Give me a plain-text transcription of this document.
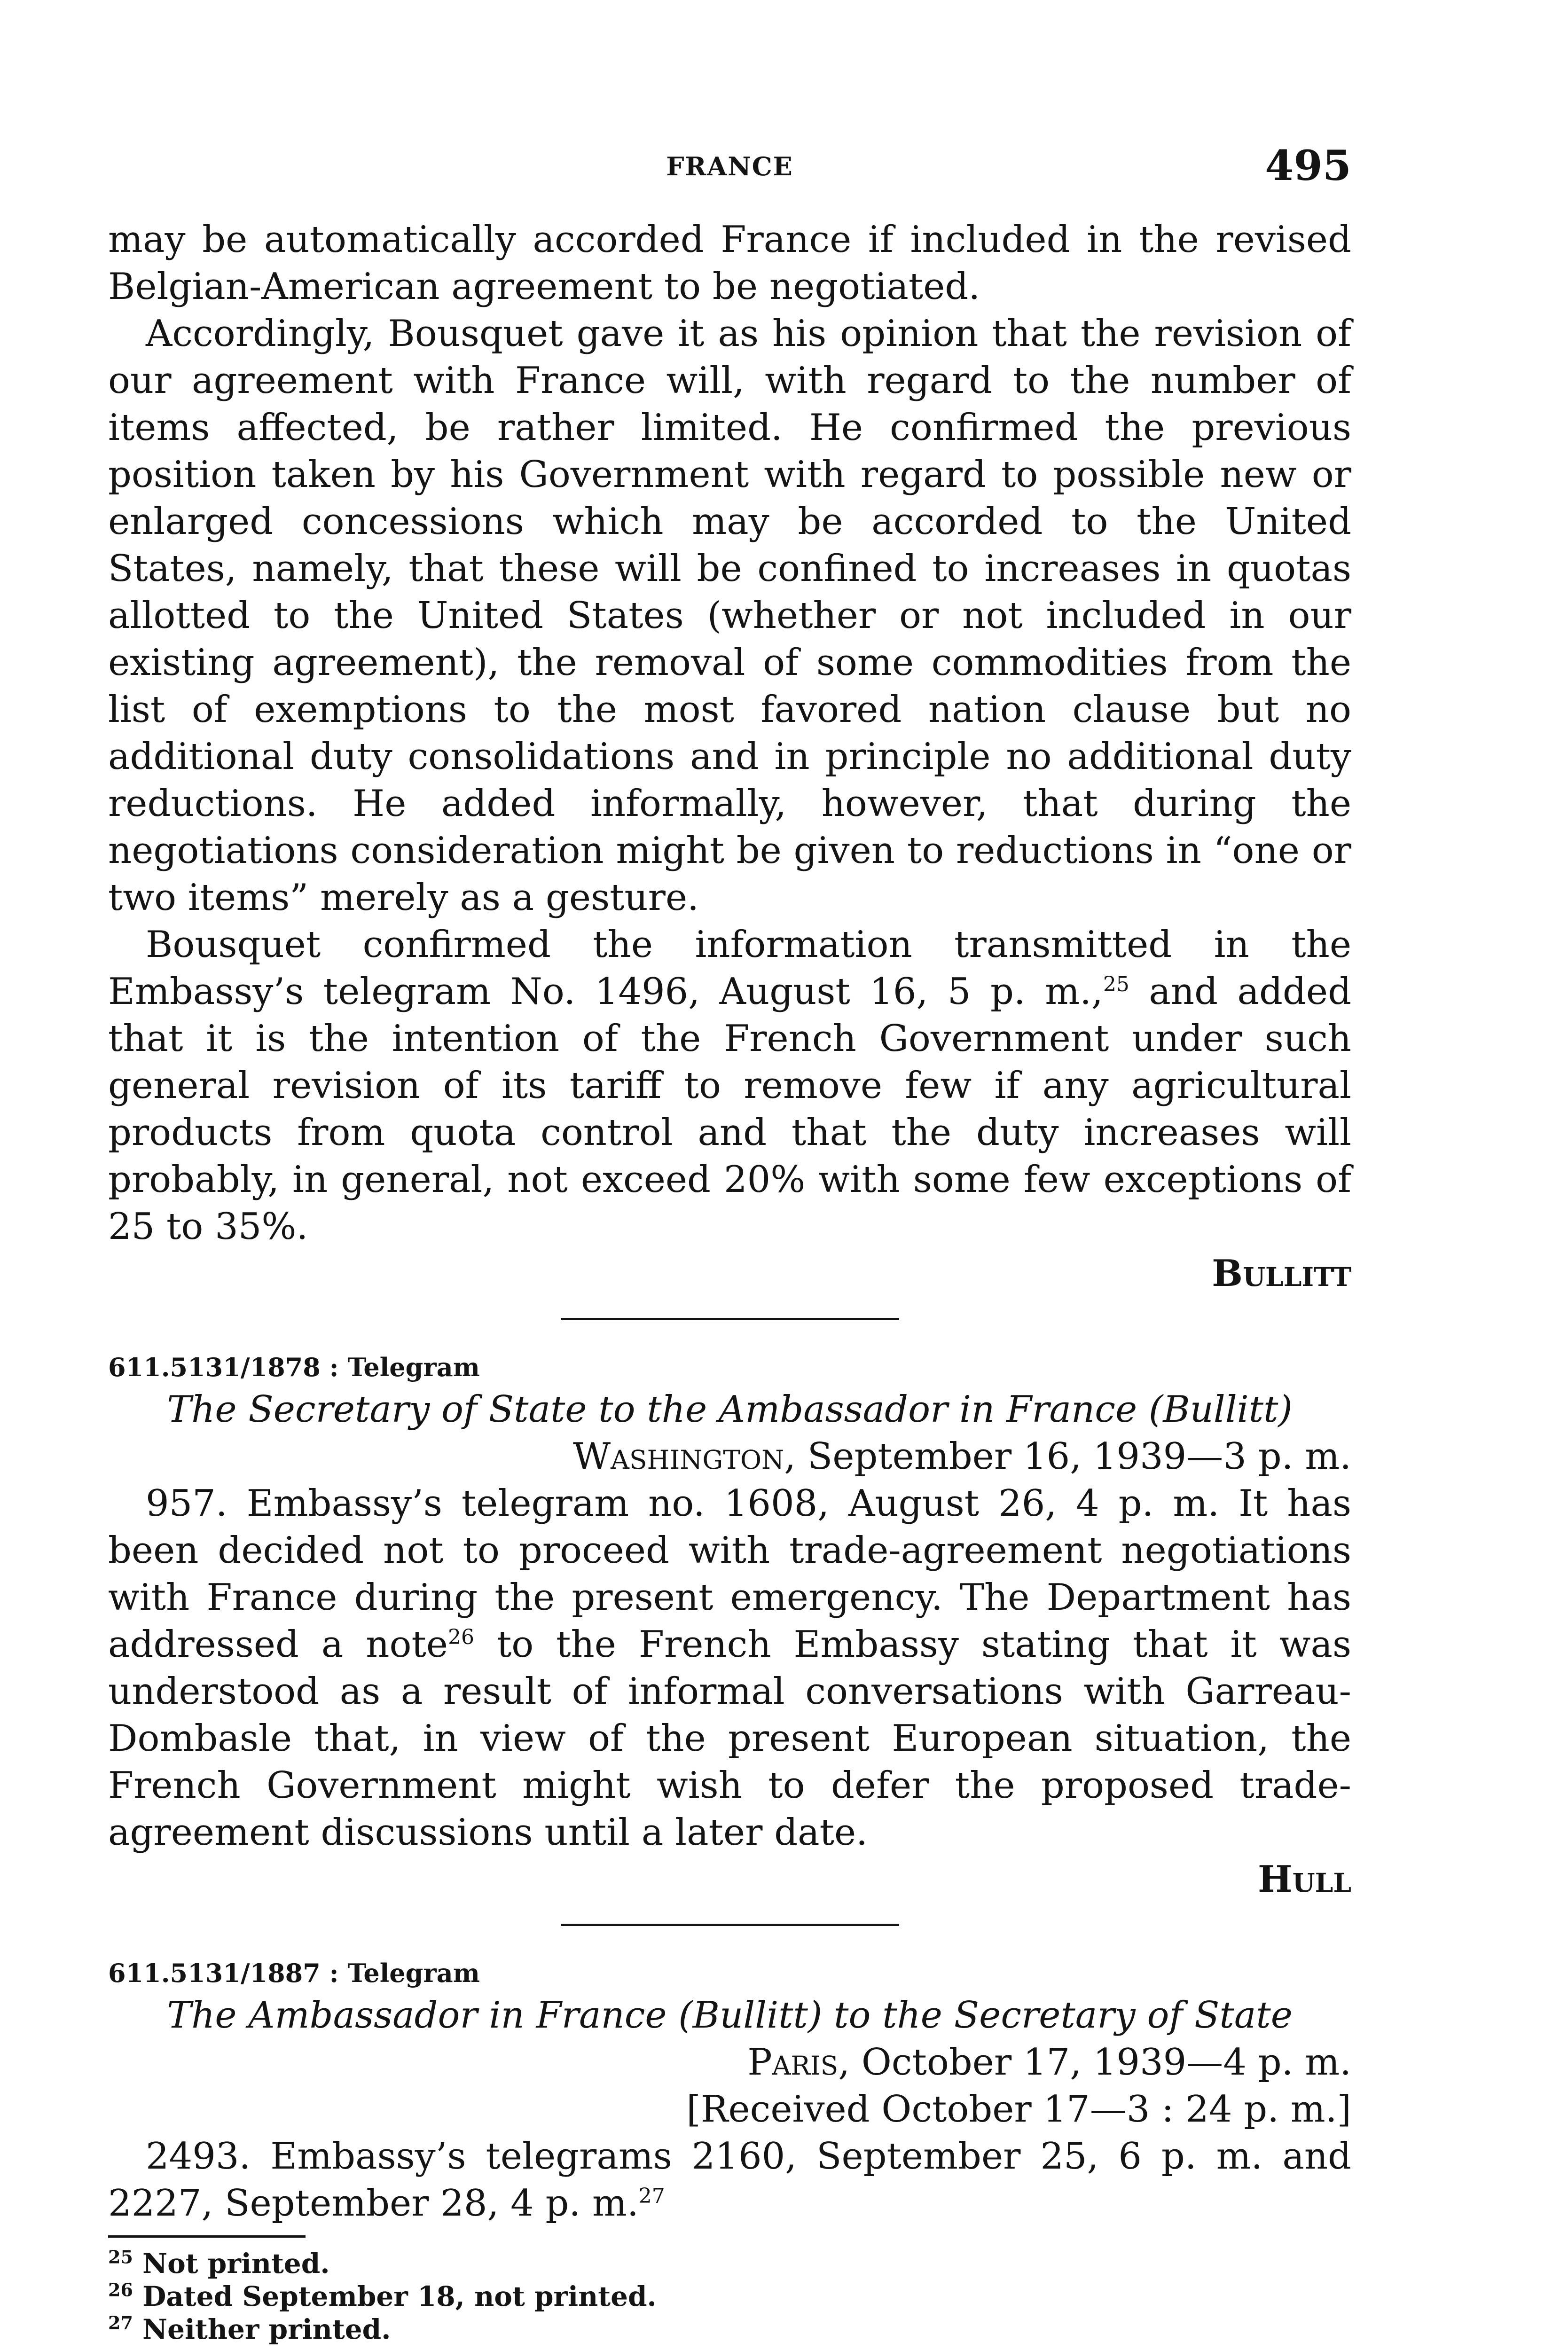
FRANCE	495

may be automatically accorded France if included in the revised Belgian-American agreement to be negotiated.

Accordingly, Bousquet gave it as his opinion that the revision of our agreement with France will, with regard to the number of items affected, be rather limited. He confirmed the previous position taken by his Government with regard to possible new or enlarged concessions which may be accorded to the United States, namely, that these will be confined to increases in quotas allotted to the United States (whether or not included in our existing agreement), the removal of some commodities from the list of exemptions to the most favored nation clause but no additional duty consolidations and in principle no additional duty reductions. He added informally, however, that during the negotiations consideration might be given to reductions in “one or two items” merely as a gesture.

Bousquet confirmed the information transmitted in the Embassy’s telegram No. 1496, August 16, 5 p. m.,$^{25}$ and added that it is the intention of the French Government under such general revision of its tariff to remove few if any agricultural products from quota control and that the duty increases will probably, in general, not exceed 20% with some few exceptions of 25 to 35%.

Bullitt

611.5131/1878 : Telegram

The Secretary of State to the Ambassador in France (Bullitt)

Washington, September 16, 1939—3 p. m.

957. Embassy’s telegram no. 1608, August 26, 4 p. m. It has been decided not to proceed with trade-agreement negotiations with France during the present emergency. The Department has addressed a note$^{26}$ to the French Embassy stating that it was understood as a result of informal conversations with Garreau-Dombasle that, in view of the present European situation, the French Government might wish to defer the proposed trade-agreement discussions until a later date.

Hull

611.5131/1887 : Telegram

The Ambassador in France (Bullitt) to the Secretary of State

Paris, October 17, 1939—4 p. m.

[Received October 17—3 : 24 p. m.]

2493. Embassy’s telegrams 2160, September 25, 6 p. m. and 2227, September 28, 4 p. m.$^{27}$

$^{25}$ Not printed.

$^{26}$ Dated September 18, not printed.

$^{27}$ Neither printed.
